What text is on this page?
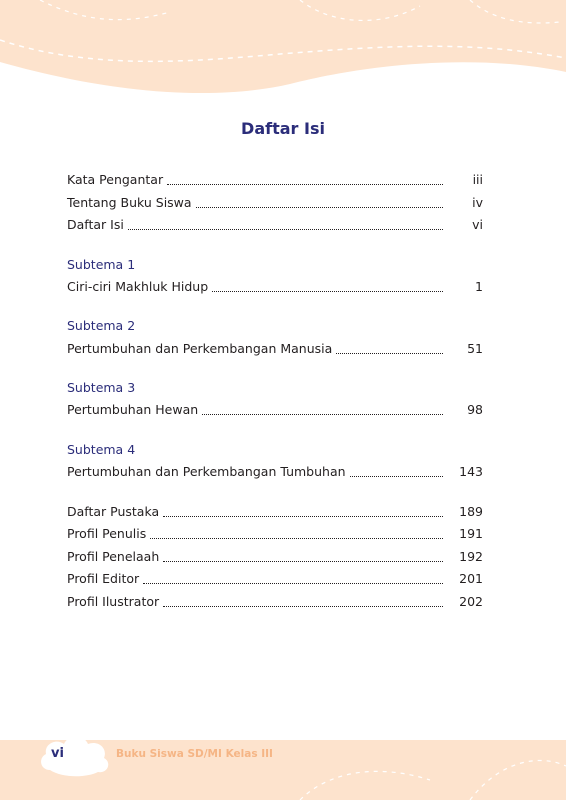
Daftar Isi
Kata Pengantar	iii
Tentang Buku Siswa	iv
Daftar Isi	vi
Subtema 1
Ciri-ciri Makhluk Hidup	1
Subtema 2
Pertumbuhan dan Perkembangan Manusia	51
Subtema 3
Pertumbuhan Hewan	98
Subtema 4
Pertumbuhan dan Perkembangan Tumbuhan	143
Daftar Pustaka	189
Profil Penulis	191
Profil Penelaah	192
Profil Editor	201
Profil Ilustrator	202
vi	Buku Siswa SD/MI Kelas III
